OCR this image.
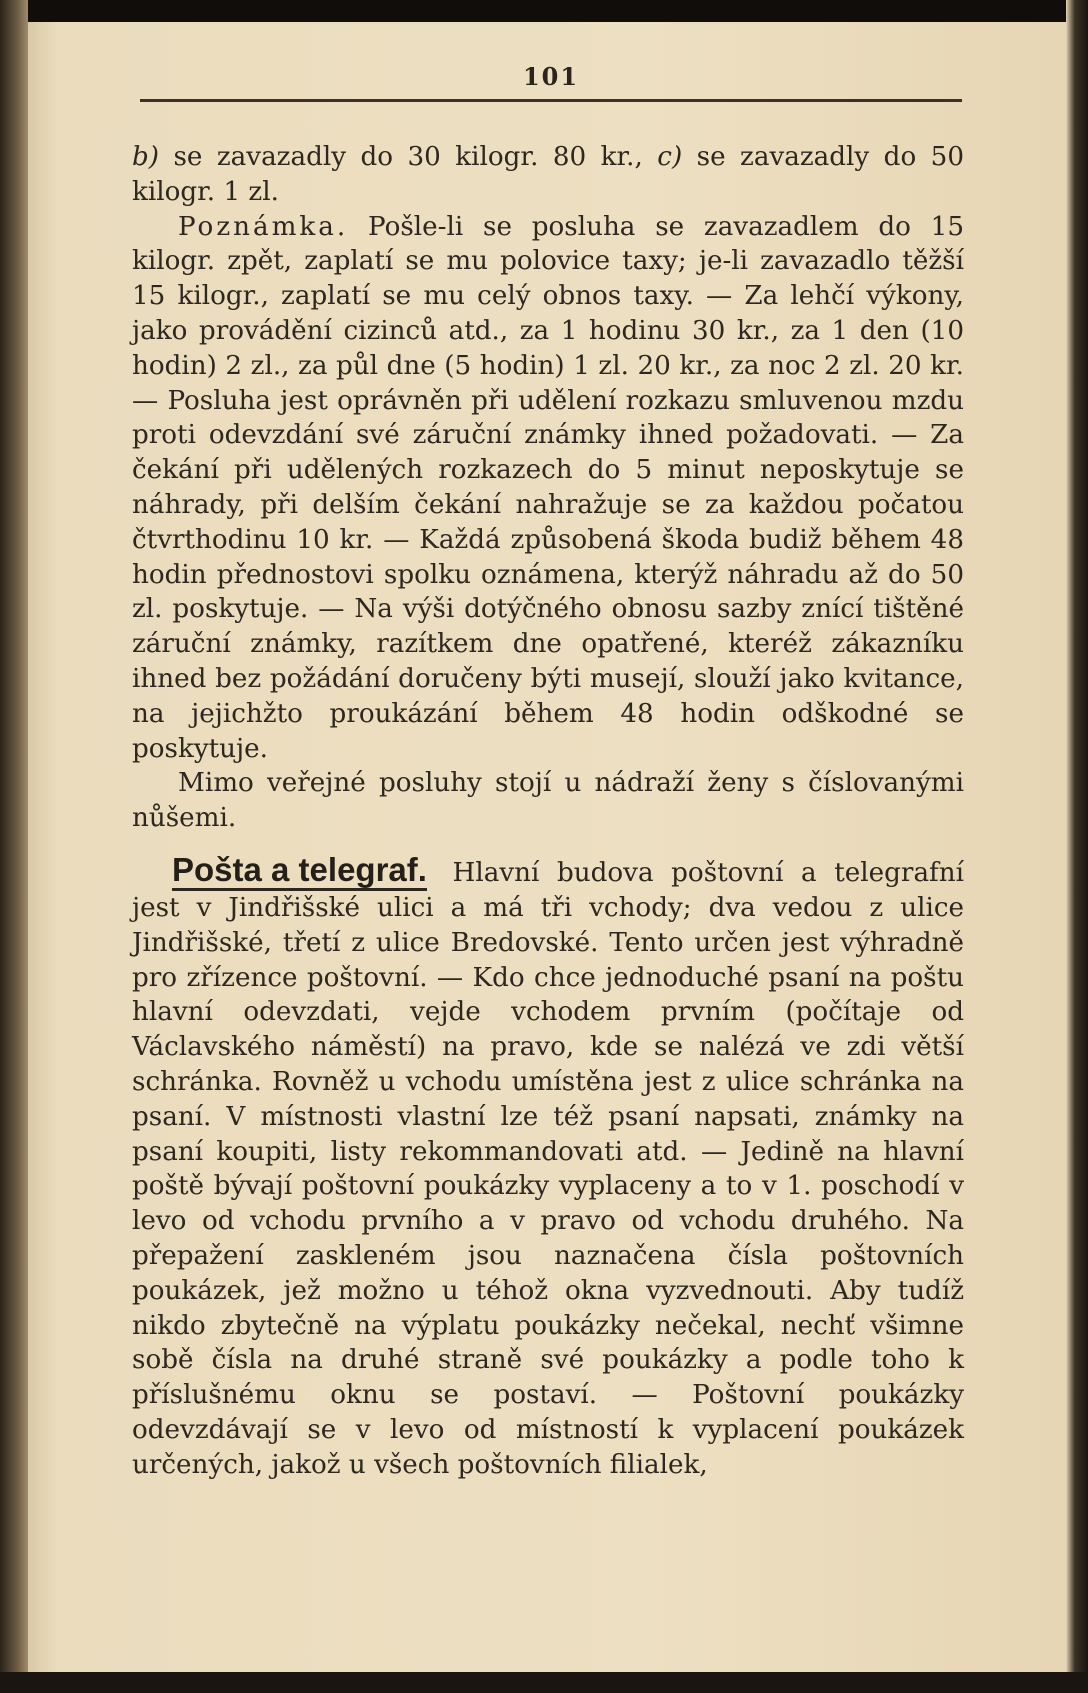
101

b) se zavazadly do 30 kilogr. 80 kr., c) se zavazadly do 50 kilogr. 1 zl.

Poznámka. Pošle-li se posluha se zavazadlem do 15 kilogr. zpět, zaplatí se mu polovice taxy; je-li zavazadlo těžší 15 kilogr., zaplatí se mu celý obnos taxy. — Za lehčí výkony, jako provádění cizinců atd., za 1 hodinu 30 kr., za 1 den (10 hodin) 2 zl., za půl dne (5 hodin) 1 zl. 20 kr., za noc 2 zl. 20 kr. — Posluha jest oprávněn při udělení rozkazu smluvenou mzdu proti odevzdání své záruční známky ihned požadovati. — Za čekání při udělených rozkazech do 5 minut neposkytuje se náhrady, při delším čekání nahražuje se za každou počatou čtvrthodinu 10 kr. — Každá způsobená škoda budiž během 48 hodin přednostovi spolku oznámena, kterýž náhradu až do 50 zl. poskytuje. — Na výši dotýčného obnosu sazby znící tištěné záruční známky, razítkem dne opatřené, kteréž zákazníku ihned bez požádání doručeny býti musejí, slouží jako kvitance, na jejichžto proukázání během 48 hodin odškodné se poskytuje.

Mimo veřejné posluhy stojí u nádraží ženy s číslovanými nůšemi.

Pošta a telegraf. Hlavní budova poštovní a telegrafní jest v Jindřišské ulici a má tři vchody; dva vedou z ulice Jindřišské, třetí z ulice Bredovské. Tento určen jest výhradně pro zřízence poštovní. — Kdo chce jednoduché psaní na poštu hlavní odevzdati, vejde vchodem prvním (počítaje od Václavského náměstí) na pravo, kde se nalézá ve zdi větší schránka. Rovněž u vchodu umístěna jest z ulice schránka na psaní. V místnosti vlastní lze též psaní napsati, známky na psaní koupiti, listy rekommandovati atd. — Jedině na hlavní poště bývají poštovní poukázky vyplaceny a to v 1. poschodí v levo od vchodu prvního a v pravo od vchodu druhého. Na přepažení zaskleném jsou naznačena čísla poštovních poukázek, jež možno u téhož okna vyzvednouti. Aby tudíž nikdo zbytečně na výplatu poukázky nečekal, nechť všimne sobě čísla na druhé straně své poukázky a podle toho k příslušnému oknu se postaví. — Poštovní poukázky odevzdávají se v levo od místností k vyplacení poukázek určených, jakož u všech poštovních filialek,
